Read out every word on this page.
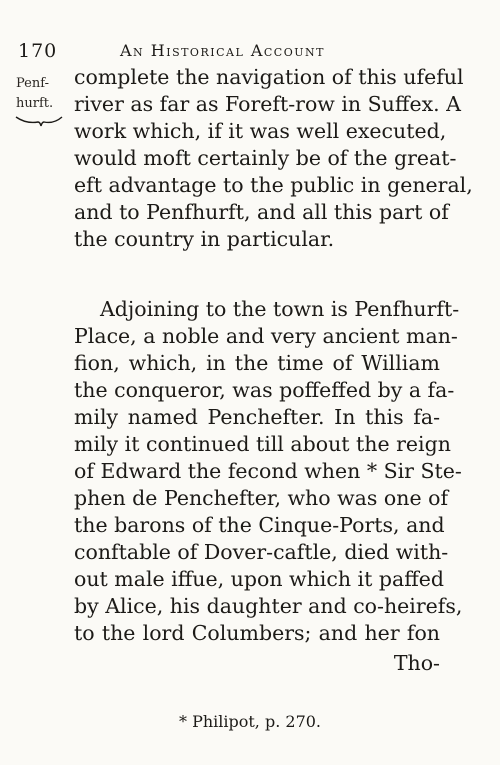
170	An Historical Account
Penf-
hurft.
complete the navigation of this ufeful
river as far as Foreft-row in Suffex. A
work which, if it was well executed,
would moft certainly be of the great-
eft advantage to the public in general,
and to Penfhurft, and all this part of
the country in particular.
Adjoining to the town is Penfhurft-
Place, a noble and very ancient man-
fion, which, in the time of William
the conqueror, was poffeffed by a fa-
mily named Penchefter. In this fa-
mily it continued till about the reign
of Edward the fecond when * Sir Ste-
phen de Penchefter, who was one of
the barons of the Cinque-Ports, and
conftable of Dover-caftle, died with-
out male iffue, upon which it paffed
by Alice, his daughter and co-heirefs,
to the lord Columbers; and her fon
Tho-
* Philipot, p. 270.
